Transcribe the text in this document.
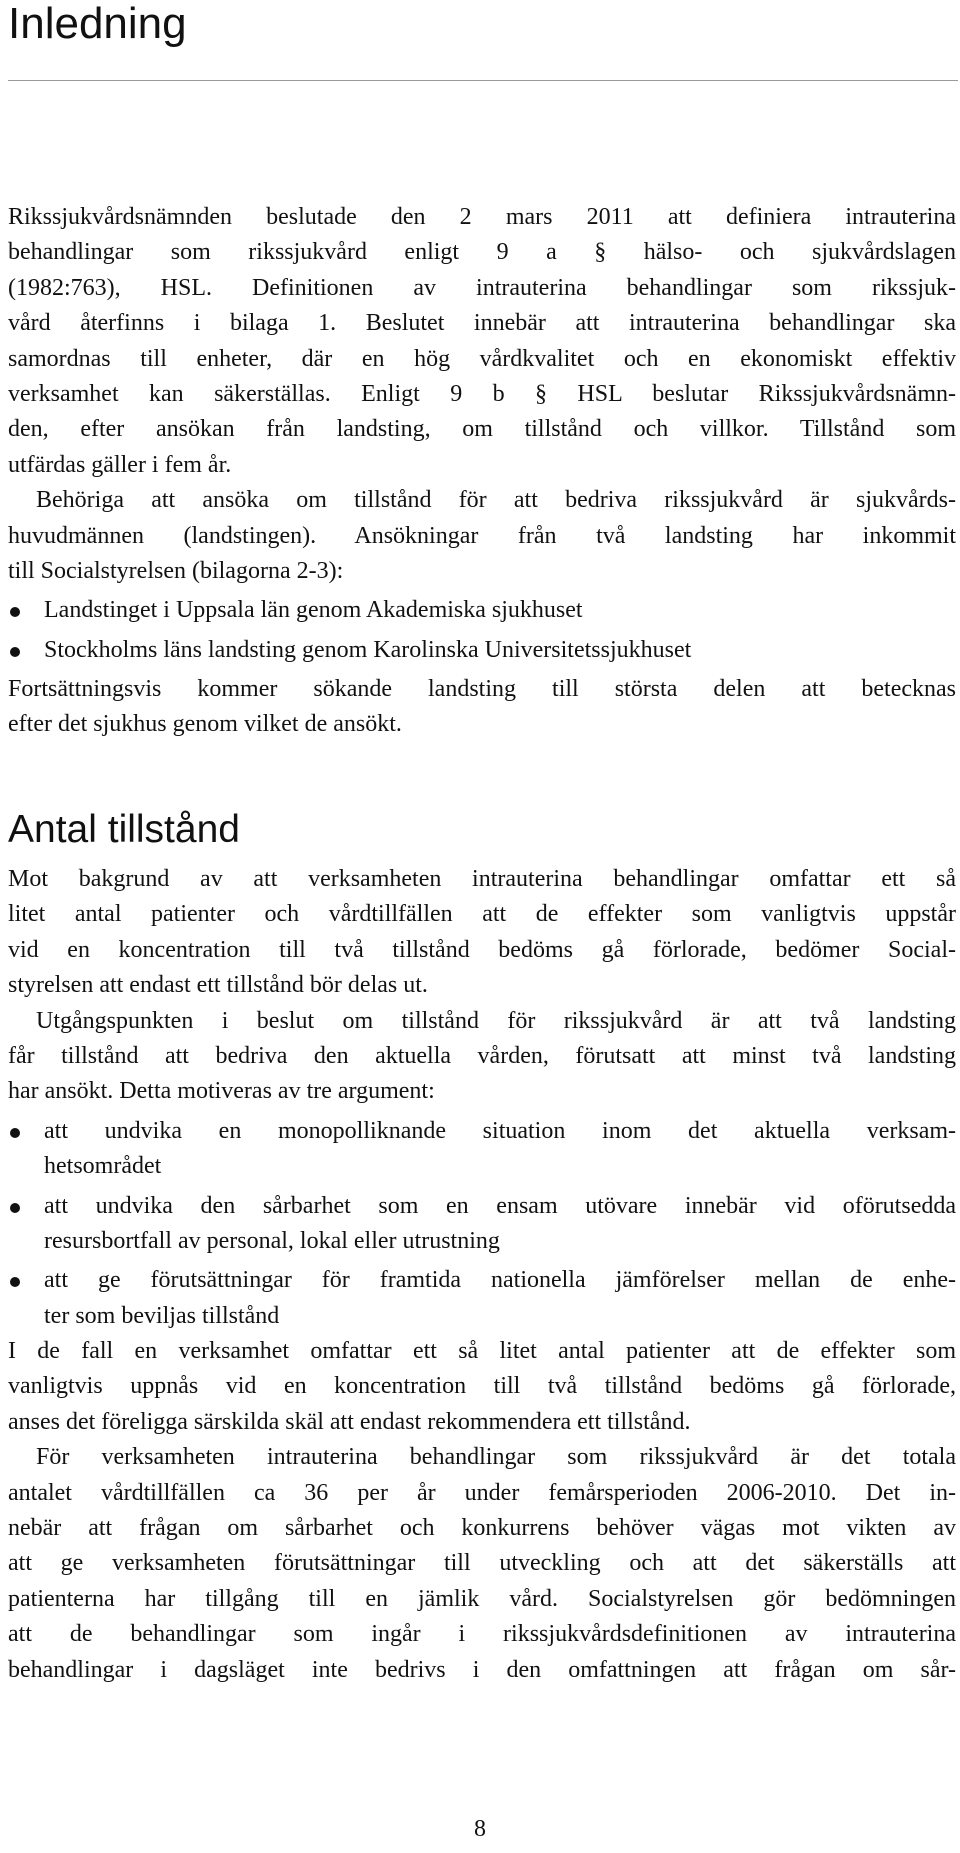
Inledning
Rikssjukvårdsnämnden beslutade den 2 mars 2011 att definiera intrauterina
behandlingar som rikssjukvård enligt 9 a § hälso- och sjukvårdslagen
(1982:763), HSL. Definitionen av intrauterina behandlingar som rikssjuk-
vård återfinns i bilaga 1. Beslutet innebär att intrauterina behandlingar ska
samordnas till enheter, där en hög vårdkvalitet och en ekonomiskt effektiv
verksamhet kan säkerställas. Enligt 9 b § HSL beslutar Rikssjukvårdsnämn-
den, efter ansökan från landsting, om tillstånd och villkor. Tillstånd som
utfärdas gäller i fem år.
Behöriga att ansöka om tillstånd för att bedriva rikssjukvård är sjukvårds-
huvudmännen (landstingen). Ansökningar från två landsting har inkommit
till Socialstyrelsen (bilagorna 2-3):
Landstinget i Uppsala län genom Akademiska sjukhuset
Stockholms läns landsting genom Karolinska Universitetssjukhuset
Fortsättningsvis kommer sökande landsting till största delen att betecknas
efter det sjukhus genom vilket de ansökt.
Antal tillstånd
Mot bakgrund av att verksamheten intrauterina behandlingar omfattar ett så
litet antal patienter och vårdtillfällen att de effekter som vanligtvis uppstår
vid en koncentration till två tillstånd bedöms gå förlorade, bedömer Social-
styrelsen att endast ett tillstånd bör delas ut.
Utgångspunkten i beslut om tillstånd för rikssjukvård är att två landsting
får tillstånd att bedriva den aktuella vården, förutsatt att minst två landsting
har ansökt. Detta motiveras av tre argument:
att undvika en monopolliknande situation inom det aktuella verksam-
hetsområdet
att undvika den sårbarhet som en ensam utövare innebär vid oförutsedda
resursbortfall av personal, lokal eller utrustning
att ge förutsättningar för framtida nationella jämförelser mellan de enhe-
ter som beviljas tillstånd
I de fall en verksamhet omfattar ett så litet antal patienter att de effekter som
vanligtvis uppnås vid en koncentration till två tillstånd bedöms gå förlorade,
anses det föreligga särskilda skäl att endast rekommendera ett tillstånd.
För verksamheten intrauterina behandlingar som rikssjukvård är det totala
antalet vårdtillfällen ca 36 per år under femårsperioden 2006-2010. Det in-
nebär att frågan om sårbarhet och konkurrens behöver vägas mot vikten av
att ge verksamheten förutsättningar till utveckling och att det säkerställs att
patienterna har tillgång till en jämlik vård. Socialstyrelsen gör bedömningen
att de behandlingar som ingår i rikssjukvårdsdefinitionen av intrauterina
behandlingar i dagsläget inte bedrivs i den omfattningen att frågan om sår-
8
